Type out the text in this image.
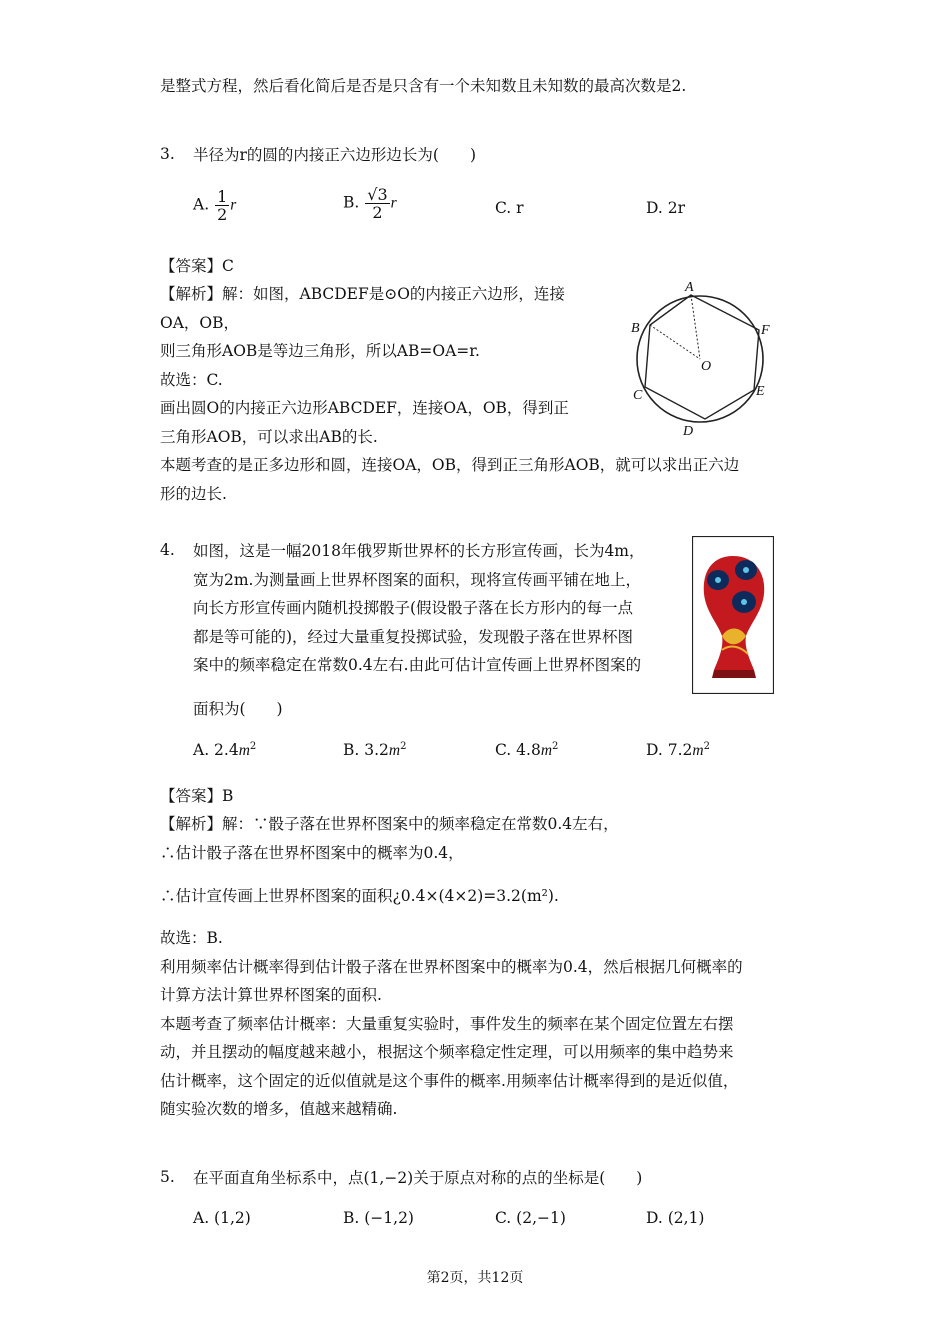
是整式方程，然后看化简后是否是只含有一个未知数且未知数的最高次数是2.
3. 半径为r的圆的内接正六边形边长为(　　)
A. $\frac{1}{2}$ r	B. $\frac{√3}{2}$ r	C. r	D. 2r
【答案】C
【解析】解：如图，ABCDEF是⊙O的内接正六边形，连接
OA，OB，
则三角形AOB是等边三角形，所以AB=OA=r.
故选：C.
画出圆O的内接正六边形ABCDEF，连接OA，OB，得到正
三角形AOB，可以求出AB的长.
本题考查的是正多边形和圆，连接OA，OB，得到正三角形AOB，就可以求出正六边
形的边长.
A
B
C
D
E
F
O
4. 如图，这是一幅2018年俄罗斯世界杯的长方形宣传画，长为4m，
宽为2m.为测量画上世界杯图案的面积，现将宣传画平铺在地上，
向长方形宣传画内随机投掷骰子(假设骰子落在长方形内的每一点
都是等可能的)，经过大量重复投掷试验，发现骰子落在世界杯图
案中的频率稳定在常数0.4左右.由此可估计宣传画上世界杯图案的
面积为(　　)
A. $2.4m^2$	B. $3.2m^2$	C. $4.8m^2$	D. $7.2m^2$
【答案】B
【解析】解：∵骰子落在世界杯图案中的频率稳定在常数0.4左右，
∴估计骰子落在世界杯图案中的概率为0.4，
∴估计宣传画上世界杯图案的面积¿0.4×(4×2)=3.2(m²).
故选：B.
利用频率估计概率得到估计骰子落在世界杯图案中的概率为0.4，然后根据几何概率的
计算方法计算世界杯图案的面积.
本题考查了频率估计概率：大量重复实验时，事件发生的频率在某个固定位置左右摆
动，并且摆动的幅度越来越小，根据这个频率稳定性定理，可以用频率的集中趋势来
估计概率，这个固定的近似值就是这个事件的概率.用频率估计概率得到的是近似值，
随实验次数的增多，值越来越精确.
5. 在平面直角坐标系中，点(1,−2)关于原点对称的点的坐标是(　　)
A. (1,2)	B. (−1,2)	C. (2,−1)	D. (2,1)
第2页，共12页
